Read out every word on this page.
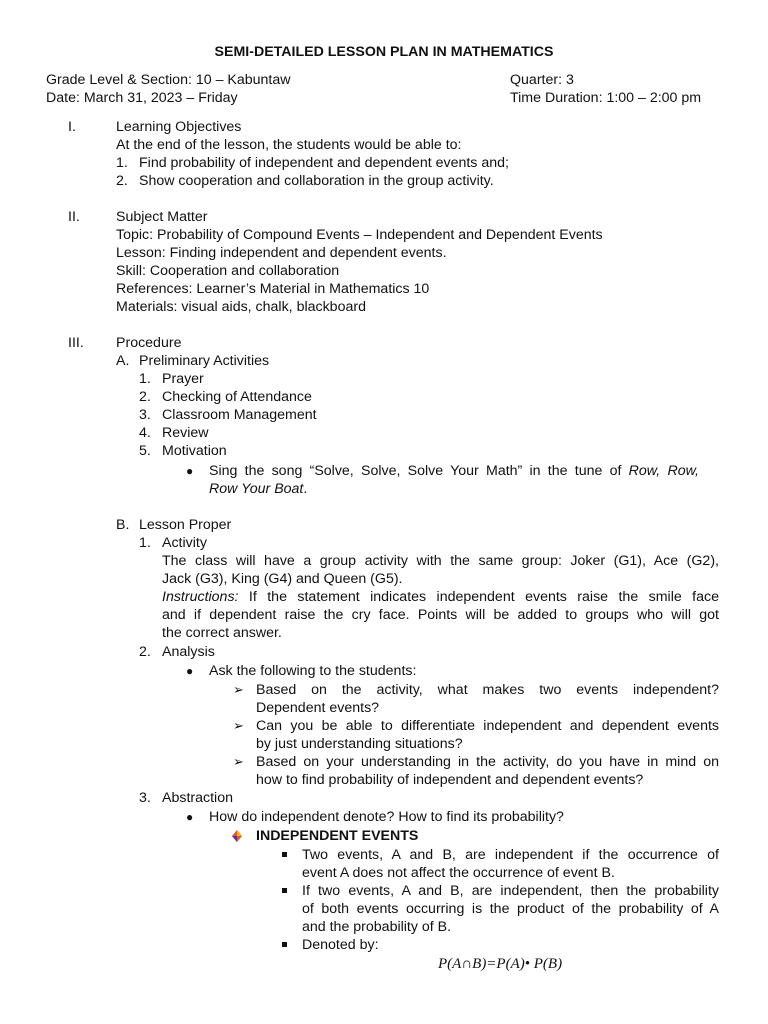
SEMI-DETAILED LESSON PLAN IN MATHEMATICS
Grade Level & Section: 10 – Kabuntaw
Date: March 31, 2023 – Friday
Quarter: 3
Time Duration: 1:00 – 2:00 pm
I.	Learning Objectives
At the end of the lesson, the students would be able to:
1. Find probability of independent and dependent events and;
2. Show cooperation and collaboration in the group activity.
II.	Subject Matter
Topic: Probability of Compound Events – Independent and Dependent Events
Lesson: Finding independent and dependent events.
Skill: Cooperation and collaboration
References: Learner’s Material in Mathematics 10
Materials: visual aids, chalk, blackboard
III. Procedure
A. Preliminary Activities
1. Prayer
2. Checking of Attendance
3. Classroom Management
4. Review
5. Motivation
● Sing the song “Solve, Solve, Solve Your Math” in the tune of Row, Row,
Row Your Boat.
B. Lesson Proper
1. Activity
The class will have a group activity with the same group: Joker (G1), Ace (G2),
Jack (G3), King (G4) and Queen (G5).
Instructions: If the statement indicates independent events raise the smile face
and if dependent raise the cry face. Points will be added to groups who will got
the correct answer.
2. Analysis
● Ask the following to the students:
➢ Based on the activity, what makes two events independent?
Dependent events?
➢ Can you be able to differentiate independent and dependent events
by just understanding situations?
➢ Based on your understanding in the activity, do you have in mind on
how to find probability of independent and dependent events?
3. Abstraction
● How do independent denote? How to find its probability?
INDEPENDENT EVENTS
Two events, A and B, are independent if the occurrence of
event A does not affect the occurrence of event B.
If two events, A and B, are independent, then the probability
of both events occurring is the product of the probability of A
and the probability of B.
Denoted by:
P(A∩B)=P(A)• P(B)
